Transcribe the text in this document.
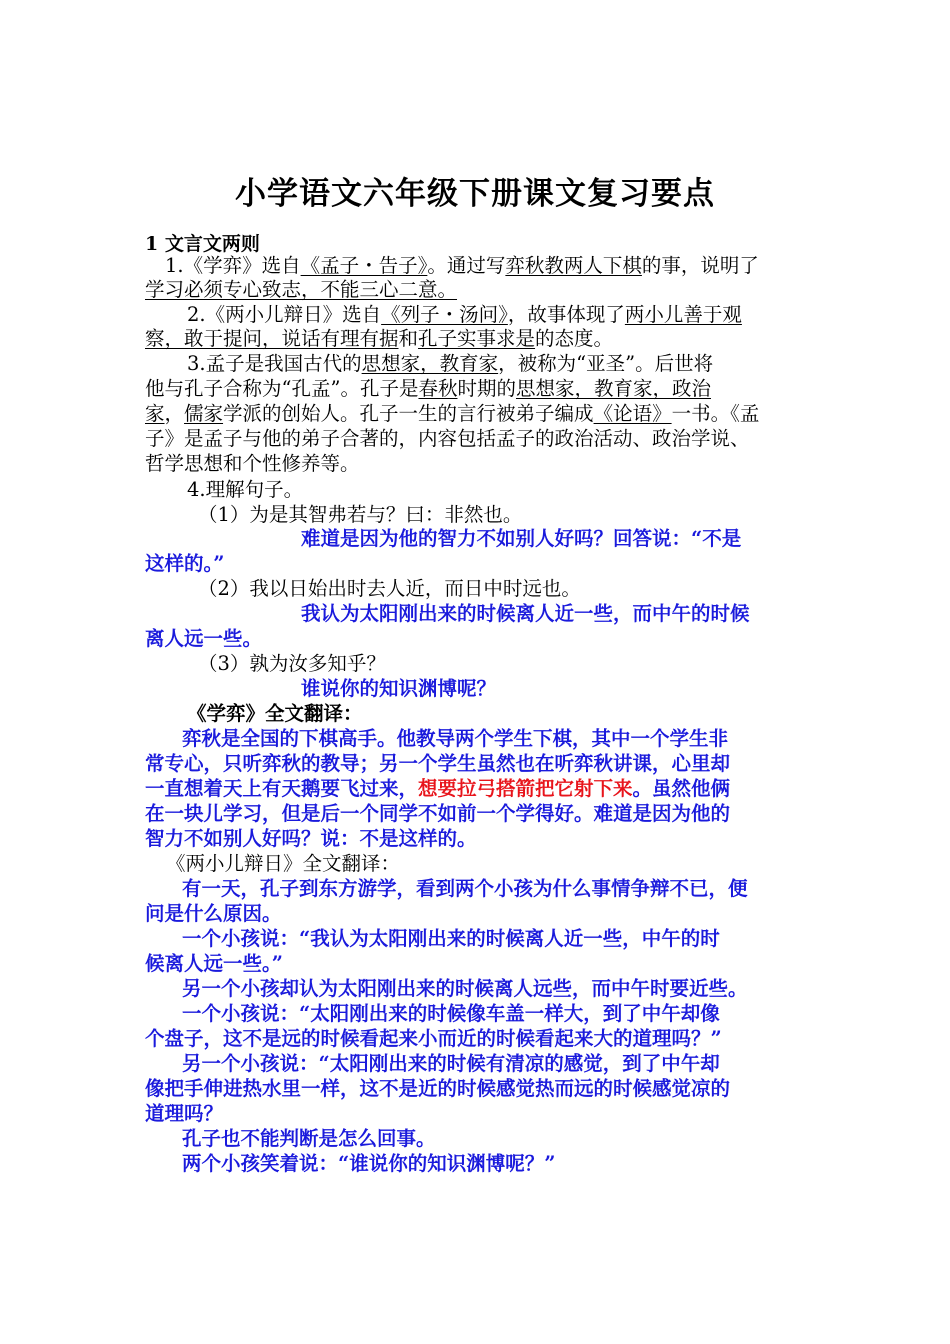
小学语文六年级下册课文复习要点
1 文言文两则
1.《学弈》选自《孟子・告子》。通过写弈秋教两人下棋的事，说明了
学习必须专心致志，不能三心二意。
2.《两小儿辩日》选自《列子・汤问》，故事体现了两小儿善于观
察，敢于提问，说话有理有据和孔子实事求是的态度。
3.孟子是我国古代的思想家，教育家，被称为“亚圣”。后世将
他与孔子合称为“孔孟”。孔子是春秋时期的思想家，教育家，政治
家，儒家学派的创始人。孔子一生的言行被弟子编成《论语》一书。《孟
子》是孟子与他的弟子合著的，内容包括孟子的政治活动、政治学说、
哲学思想和个性修养等。
4.理解句子。
（1）为是其智弗若与？曰：非然也。
难道是因为他的智力不如别人好吗？回答说：“不是
这样的。”
（2）我以日始出时去人近，而日中时远也。
我认为太阳刚出来的时候离人近一些，而中午的时候
离人远一些。
（3）孰为汝多知乎？
谁说你的知识渊博呢？
《学弈》全文翻译：
弈秋是全国的下棋高手。他教导两个学生下棋，其中一个学生非
常专心，只听弈秋的教导；另一个学生虽然也在听弈秋讲课，心里却
一直想着天上有天鹅要飞过来，想要拉弓搭箭把它射下来。虽然他俩
在一块儿学习，但是后一个同学不如前一个学得好。难道是因为他的
智力不如别人好吗？说：不是这样的。
《两小儿辩日》全文翻译：
有一天，孔子到东方游学，看到两个小孩为什么事情争辩不已，便
问是什么原因。
一个小孩说：“我认为太阳刚出来的时候离人近一些，中午的时
候离人远一些。”
另一个小孩却认为太阳刚出来的时候离人远些，而中午时要近些。
一个小孩说：“太阳刚出来的时候像车盖一样大，到了中午却像
个盘子，这不是远的时候看起来小而近的时候看起来大的道理吗？”
另一个小孩说：“太阳刚出来的时候有清凉的感觉，到了中午却
像把手伸进热水里一样，这不是近的时候感觉热而远的时候感觉凉的
道理吗？
孔子也不能判断是怎么回事。
两个小孩笑着说：“谁说你的知识渊博呢？”
